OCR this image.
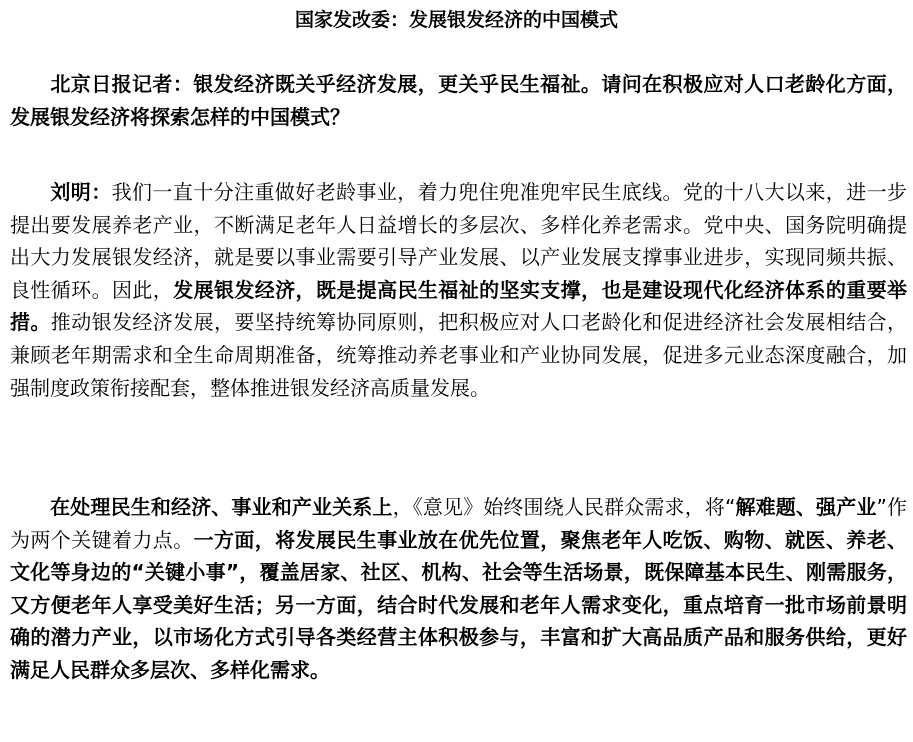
国家发改委：发展银发经济的中国模式

北京日报记者：银发经济既关乎经济发展，更关乎民生福祉。请问在积极应对人口老龄化方面，发展银发经济将探索怎样的中国模式？

刘明：我们一直十分注重做好老龄事业，着力兜住兜准兜牢民生底线。党的十八大以来，进一步提出要发展养老产业，不断满足老年人日益增长的多层次、多样化养老需求。党中央、国务院明确提出大力发展银发经济，就是要以事业需要引导产业发展、以产业发展支撑事业进步，实现同频共振、良性循环。因此，发展银发经济，既是提高民生福祉的坚实支撑，也是建设现代化经济体系的重要举措。推动银发经济发展，要坚持统筹协同原则，把积极应对人口老龄化和促进经济社会发展相结合，兼顾老年期需求和全生命周期准备，统筹推动养老事业和产业协同发展，促进多元业态深度融合，加强制度政策衔接配套，整体推进银发经济高质量发展。

在处理民生和经济、事业和产业关系上，《意见》始终围绕人民群众需求，将“解难题、强产业”作为两个关键着力点。一方面，将发展民生事业放在优先位置，聚焦老年人吃饭、购物、就医、养老、文化等身边的“关键小事”，覆盖居家、社区、机构、社会等生活场景，既保障基本民生、刚需服务，又方便老年人享受美好生活；另一方面，结合时代发展和老年人需求变化，重点培育一批市场前景明确的潜力产业，以市场化方式引导各类经营主体积极参与，丰富和扩大高品质产品和服务供给，更好满足人民群众多层次、多样化需求。
